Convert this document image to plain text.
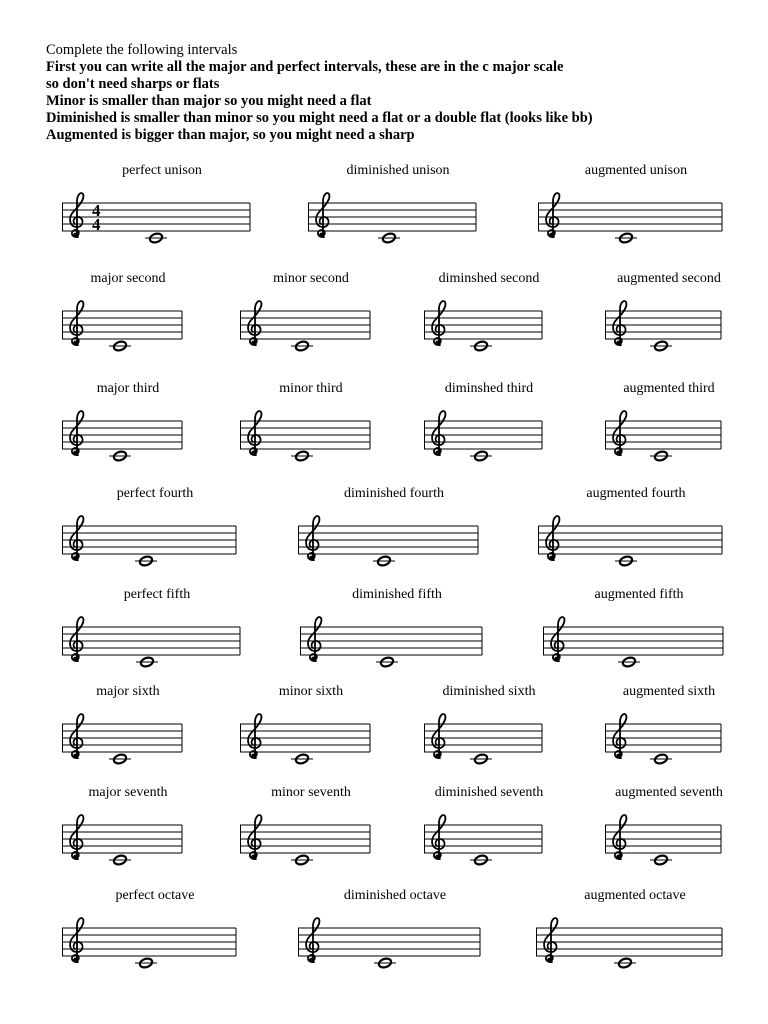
Complete the following intervals
First you can write all the major and perfect intervals, these are in the c major scale
so don't need sharps or flats
Minor is smaller than major so you might need a flat
Diminished is smaller than minor so you might need a flat or a double flat (looks like bb)
Augmented is bigger than major, so you might need a sharp
perfect unison
4
4
diminished unison	augmented unison
major second	minor second	diminshed second	augmented second
major third	minor third	diminshed third	augmented third
perfect fourth	diminished fourth	augmented fourth
perfect fifth	diminished fifth	augmented fifth
major sixth	minor sixth	diminished sixth	augmented sixth
major seventh	minor seventh	diminished seventh	augmented seventh
perfect octave	diminished octave	augmented octave
